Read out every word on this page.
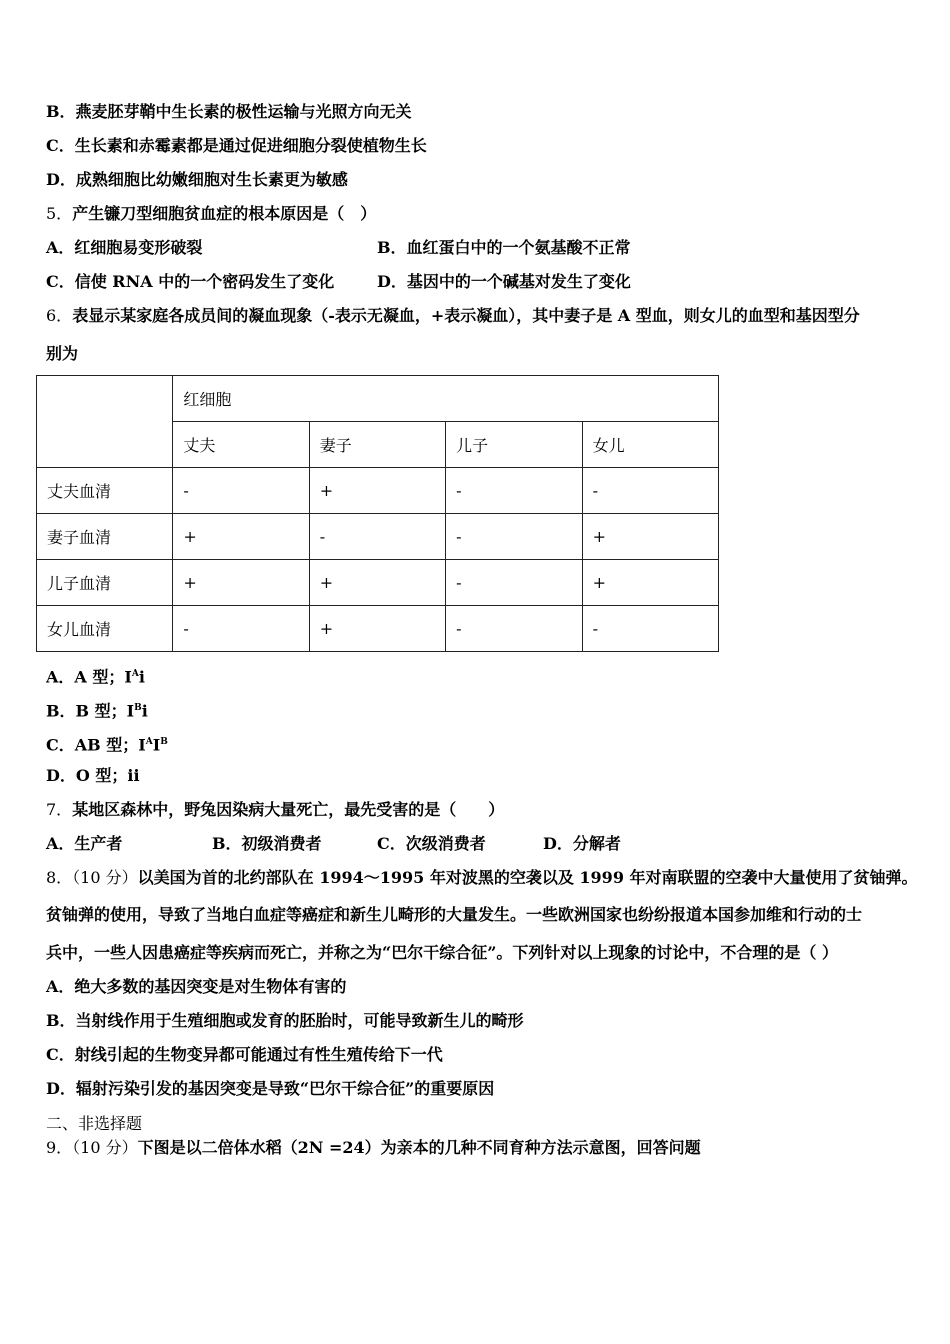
B．燕麦胚芽鞘中生长素的极性运输与光照方向无关
C．生长素和赤霉素都是通过促进细胞分裂使植物生长
D．成熟细胞比幼嫩细胞对生长素更为敏感
5．产生镰刀型细胞贫血症的根本原因是（　）
A．红细胞易变形破裂	B．血红蛋白中的一个氨基酸不正常
C．信使 RNA 中的一个密码发生了变化	D．基因中的一个碱基对发生了变化
6．表显示某家庭各成员间的凝血现象（-表示无凝血，+表示凝血），其中妻子是 A 型血，则女儿的血型和基因型分
别为
	红细胞			
	丈夫	妻子	儿子	女儿
丈夫血清	-	+	-	-
妻子血清	+	-	-	+
儿子血清	+	+	-	+
女儿血清	-	+	-	-
A．A 型；$I^Ai$
B．B 型；$I^Bi$
C．AB 型；$I^AI^B$
D．O 型；ii
7．某地区森林中，野兔因染病大量死亡，最先受害的是（　　）
A．生产者	B．初级消费者	C．次级消费者	D．分解者
8．（10 分）以美国为首的北约部队在 1994～1995 年对波黑的空袭以及 1999 年对南联盟的空袭中大量使用了贫铀弹。
贫铀弹的使用，导致了当地白血症等癌症和新生儿畸形的大量发生。一些欧洲国家也纷纷报道本国参加维和行动的士
兵中，一些人因患癌症等疾病而死亡，并称之为“巴尔干综合征”。下列针对以上现象的讨论中，不合理的是（ ）
A．绝大多数的基因突变是对生物体有害的
B．当射线作用于生殖细胞或发育的胚胎时，可能导致新生儿的畸形
C．射线引起的生物变异都可能通过有性生殖传给下一代
D．辐射污染引发的基因突变是导致“巴尔干综合征”的重要原因
二、非选择题
9．（10 分）下图是以二倍体水稻（2N =24）为亲本的几种不同育种方法示意图，回答问题
